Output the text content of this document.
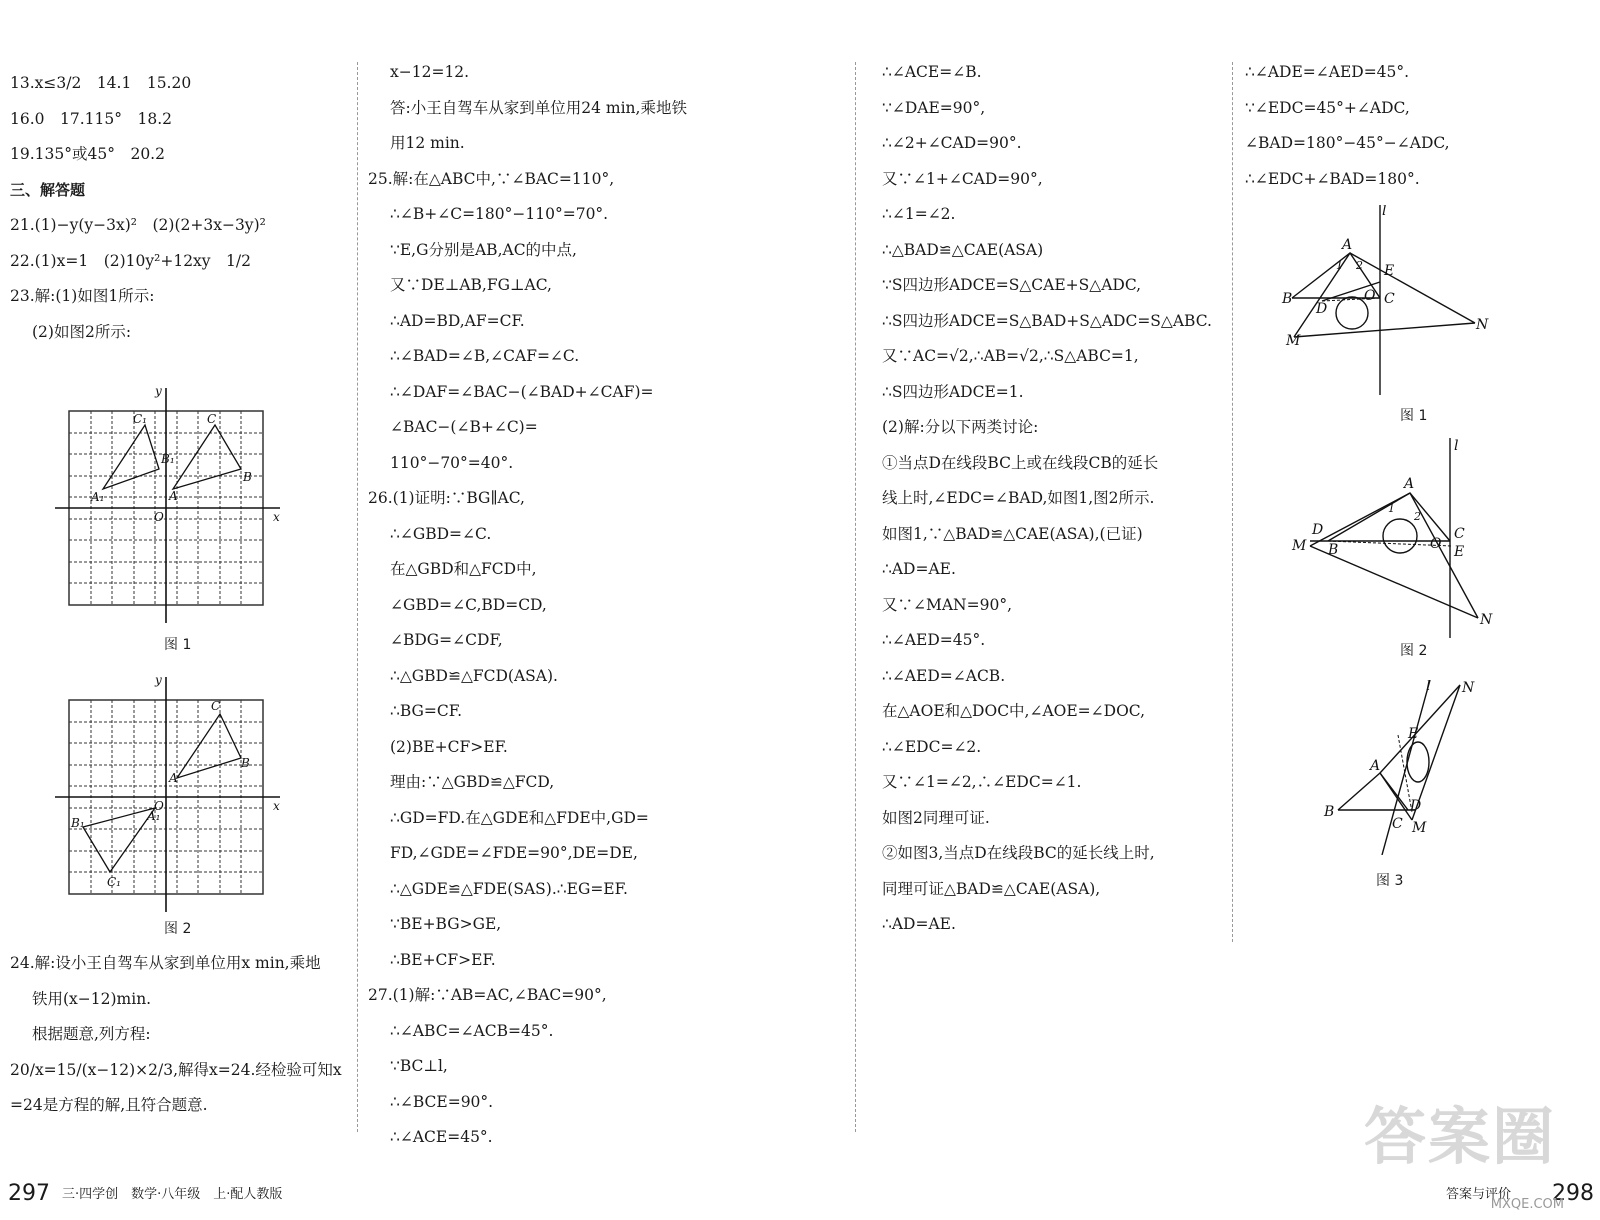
13.x≤3/2　14.1　15.20
16.0　17.115°　18.2
19.135°或45°　20.2
三、解答题
21.(1)−y(y−3x)²　(2)(2+3x−3y)²
22.(1)x=1　(2)10y²+12xy　1/2
23.解:(1)如图1所示:
(2)如图2所示:
y
x
C₁	C
B₁
B
A₁	A
O
图 1
y
x
C
B
A
O
B₁
C₁
A₁
图 2
24.解:设小王自驾车从家到单位用x min,乘地
铁用(x−12)min.
根据题意,列方程:
20/x=15/(x−12)×2/3,解得x=24.经检验可知x
=24是方程的解,且符合题意.
x−12=12.
答:小王自驾车从家到单位用24 min,乘地铁
用12 min.
25.解:在△ABC中,∵∠BAC=110°,
∴∠B+∠C=180°−110°=70°.
∵E,G分别是AB,AC的中点,
又∵DE⊥AB,FG⊥AC,
∴AD=BD,AF=CF.
∴∠BAD=∠B,∠CAF=∠C.
∴∠DAF=∠BAC−(∠BAD+∠CAF)=
∠BAC−(∠B+∠C)=
110°−70°=40°.
26.(1)证明:∵BG∥AC,
∴∠GBD=∠C.
在△GBD和△FCD中,
∠GBD=∠C,BD=CD,
∠BDG=∠CDF,
∴△GBD≌△FCD(ASA).
∴BG=CF.
(2)BE+CF>EF.
理由:∵△GBD≌△FCD,
∴GD=FD.在△GDE和△FDE中,GD=
FD,∠GDE=∠FDE=90°,DE=DE,
∴△GDE≌△FDE(SAS).∴EG=EF.
∵BE+BG>GE,
∴BE+CF>EF.
27.(1)解:∵AB=AC,∠BAC=90°,
∴∠ABC=∠ACB=45°.
∵BC⊥l,
∴∠BCE=90°.
∴∠ACE=45°.
∴∠ACE=∠B.
∵∠DAE=90°,
∴∠2+∠CAD=90°.
又∵∠1+∠CAD=90°,
∴∠1=∠2.
∴△BAD≌△CAE(ASA)
∵S四边形ADCE=S△CAE+S△ADC,
∴S四边形ADCE=S△BAD+S△ADC=S△ABC.
又∵AC=√2,∴AB=√2,∴S△ABC=1,
∴S四边形ADCE=1.
(2)解:分以下两类讨论:
①当点D在线段BC上或在线段CB的延长
线上时,∠EDC=∠BAD,如图1,图2所示.
如图1,∵△BAD≌△CAE(ASA),(已证)
∴AD=AE.
又∵∠MAN=90°,
∴∠AED=45°.
∴∠AED=∠ACB.
在△AOE和△DOC中,∠AOE=∠DOC,
∴∠EDC=∠2.
又∵∠1=∠2,∴∠EDC=∠1.
如图2同理可证.
②如图3,当点D在线段BC的延长线上时,
同理可证△BAD≌△CAE(ASA),
∴AD=AE.
∴∠ADE=∠AED=45°.
∵∠EDC=45°+∠ADC,
∠BAD=180°−45°−∠ADC,
∴∠EDC+∠BAD=180°.
l
A
B	C
E
D
O
M
N
1 2
图 1
l
A
B
C
E
D
O
M
N
1
2
图 2
l N
A
B
C
D
E
M
图 3
297 三·四学创　数学·八年级　上·配人教版	答案与评价 298
答案圈
MXQE.COM
